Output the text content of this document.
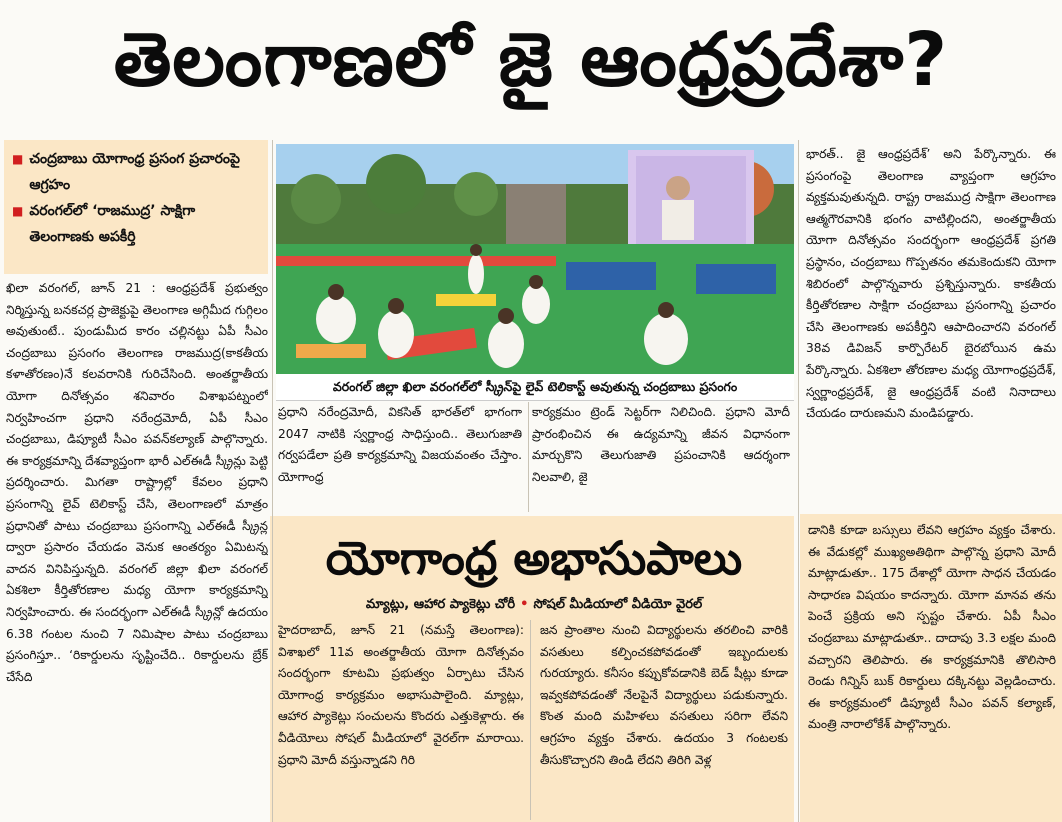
తెలంగాణలో జై ఆంధ్రప్రదేశా?
■ చంద్రబాబు యోగాంధ్ర ప్రసంగ ప్రచారంపై ఆగ్రహం
■ వరంగల్‌లో ‘రాజముద్ర’ సాక్షిగా తెలంగాణకు అపకీర్తి

ఖిలా వరంగల్, జూన్ 21 : ఆంధ్రప్రదేశ్ ప్రభుత్వం నిర్మిస్తున్న బనకచర్ల ప్రాజెక్టుపై తెలంగాణ అగ్గిమీద గుగ్గిలం అవుతుంటే.. పుండుమీద కారం చల్లినట్టు ఏపీ సీఎం చంద్రబాబు ప్రసంగం తెలంగాణ రాజముద్ర(కాకతీయ కళాతోరణం)నే కలవరానికి గురిచేసింది. అంతర్జాతీయ యోగా దినోత్సవం శనివారం విశాఖపట్నంలో నిర్వహించగా ప్రధాని నరేంద్రమోదీ, ఏపీ సీఎం చంద్రబాబు, డిప్యూటీ సీఎం పవన్‌కల్యాణ్ పాల్గొన్నారు. ఈ కార్యక్రమాన్ని దేశవ్యాప్తంగా భారీ ఎల్ఈడీ స్క్రీన్లు పెట్టి ప్రదర్శించారు. మిగతా రాష్ట్రాల్లో కేవలం ప్రధాని ప్రసంగాన్ని లైవ్ టెలికాస్ట్ చేసి, తెలంగాణలో మాత్రం ప్రధానితో పాటు చంద్రబాబు ప్రసంగాన్ని ఎల్ఈడీ స్క్రీన్ల ద్వారా ప్రసారం చేయడం వెనుక ఆంతర్యం ఏమిటన్న వాదన వినిపిస్తున్నది. వరంగల్ జిల్లా ఖిలా వరంగల్ ఏకశిలా కీర్తితోరణాల మధ్య యోగా కార్యక్రమాన్ని నిర్వహించారు. ఈ సందర్భంగా ఎల్ఈడీ స్క్రీన్లో ఉదయం 6.38 గంటల నుంచి 7 నిమిషాల పాటు చంద్రబాబు ప్రసంగిస్తూ.. ‘రికార్డులను సృష్టించేది.. రికార్డులను బ్రేక్ చేసేది

వరంగల్ జిల్లా ఖిలా వరంగల్‌లో స్క్రీన్‌పై లైవ్ టెలికాస్ట్ అవుతున్న చంద్రబాబు ప్రసంగం

ప్రధాని నరేంద్రమోదీ, వికసిత్ భారత్‌లో భాగంగా 2047 నాటికి స్వర్ణాంధ్ర సాధిస్తుంది.. తెలుగుజాతి గర్వపడేలా ప్రతి కార్యక్రమాన్ని విజయవంతం చేస్తాం. యోగాంధ్ర

కార్యక్రమం ట్రెండ్ సెట్టర్‌గా నిలిచింది. ప్రధాని మోదీ ప్రారంభించిన ఈ ఉద్యమాన్ని జీవన విధానంగా మార్చుకొని తెలుగుజాతి ప్రపంచానికి ఆదర్శంగా నిలవాలి, జై

భారత్.. జై ఆంధ్రప్రదేశ్’ అని పేర్కొన్నారు. ఈ ప్రసంగంపై తెలంగాణ వ్యాప్తంగా ఆగ్రహం వ్యక్తమవుతున్నది. రాష్ట్ర రాజముద్ర సాక్షిగా తెలంగాణ ఆత్మగౌరవానికి భంగం వాటిల్లిందని, అంతర్జాతీయ యోగా దినోత్సవం సందర్భంగా ఆంధ్రప్రదేశ్ ప్రగతి ప్రస్థానం, చంద్రబాబు గొప్పతనం తమకెందుకని యోగా శిబిరంలో పాల్గొన్నవారు ప్రశ్నిస్తున్నారు. కాకతీయ కీర్తితోరణాల సాక్షిగా చంద్రబాబు ప్రసంగాన్ని ప్రచారం చేసి తెలంగాణకు అపకీర్తిని ఆపాదించారని వరంగల్ 38వ డివిజన్ కార్పొరేటర్ బైరబోయిన ఉమ పేర్కొన్నారు. ఏకశిలా తోరణాల మధ్య యోగాంధ్రప్రదేశ్, స్వర్ణాంధ్రప్రదేశ్, జై ఆంధ్రప్రదేశ్ వంటి నినాదాలు చేయడం దారుణమని మండిపడ్డారు.

యోగాంధ్ర అభాసుపాలు
మ్యాట్లు, ఆహార ప్యాకెట్లు చోరీ • సోషల్ మీడియాలో వీడియో వైరల్

హైదరాబాద్, జూన్ 21 (నమస్తే తెలంగాణ): విశాఖలో 11వ అంతర్జాతీయ యోగా దినోత్సవం సందర్భంగా కూటమి ప్రభుత్వం ఏర్పాటు చేసిన యోగాంధ్ర కార్యక్రమం అభాసుపాలైంది. మ్యాట్లు, ఆహార ప్యాకెట్లు సంచులను కొందరు ఎత్తుకెళ్లారు. ఈ వీడియోలు సోషల్ మీడియాలో వైరల్‌గా మారాయి. ప్రధాని మోదీ వస్తున్నాడని గిరి

జన ప్రాంతాల నుంచి విద్యార్థులను తరలించి వారికి వసతులు కల్పించకపోవడంతో ఇబ్బందులకు గురయ్యారు. కనీసం కప్పుకోవడానికి బెడ్ షీట్లు కూడా ఇవ్వకపోవడంతో నేలపైనే విద్యార్థులు పడుకున్నారు. కొంత మంది మహిళలు వసతులు సరిగా లేవని ఆగ్రహం వ్యక్తం చేశారు. ఉదయం 3 గంటలకు తీసుకొచ్చారని తిండి లేదని తిరిగి వెళ్ల

డానికి కూడా బస్సులు లేవని ఆగ్రహం వ్యక్తం చేశారు. ఈ వేడుకల్లో ముఖ్యఅతిథిగా పాల్గొన్న ప్రధాని మోదీ మాట్లాడుతూ.. 175 దేశాల్లో యోగా సాధన చేయడం సాధారణ విషయం కాదన్నారు. యోగా మానవ తను పెంచే ప్రక్రియ అని స్పష్టం చేశారు. ఏపీ సీఎం చంద్రబాబు మాట్లాడుతూ.. దాదాపు 3.3 లక్షల మంది వచ్చారని తెలిపారు. ఈ కార్యక్రమానికి తొలిసారి రెండు గిన్నిస్ బుక్ రికార్డులు దక్కినట్టు వెల్లడించారు. ఈ కార్యక్రమంలో డిప్యూటీ సీఎం పవన్ కల్యాణ్, మంత్రి నారాలోకేశ్ పాల్గొన్నారు.
